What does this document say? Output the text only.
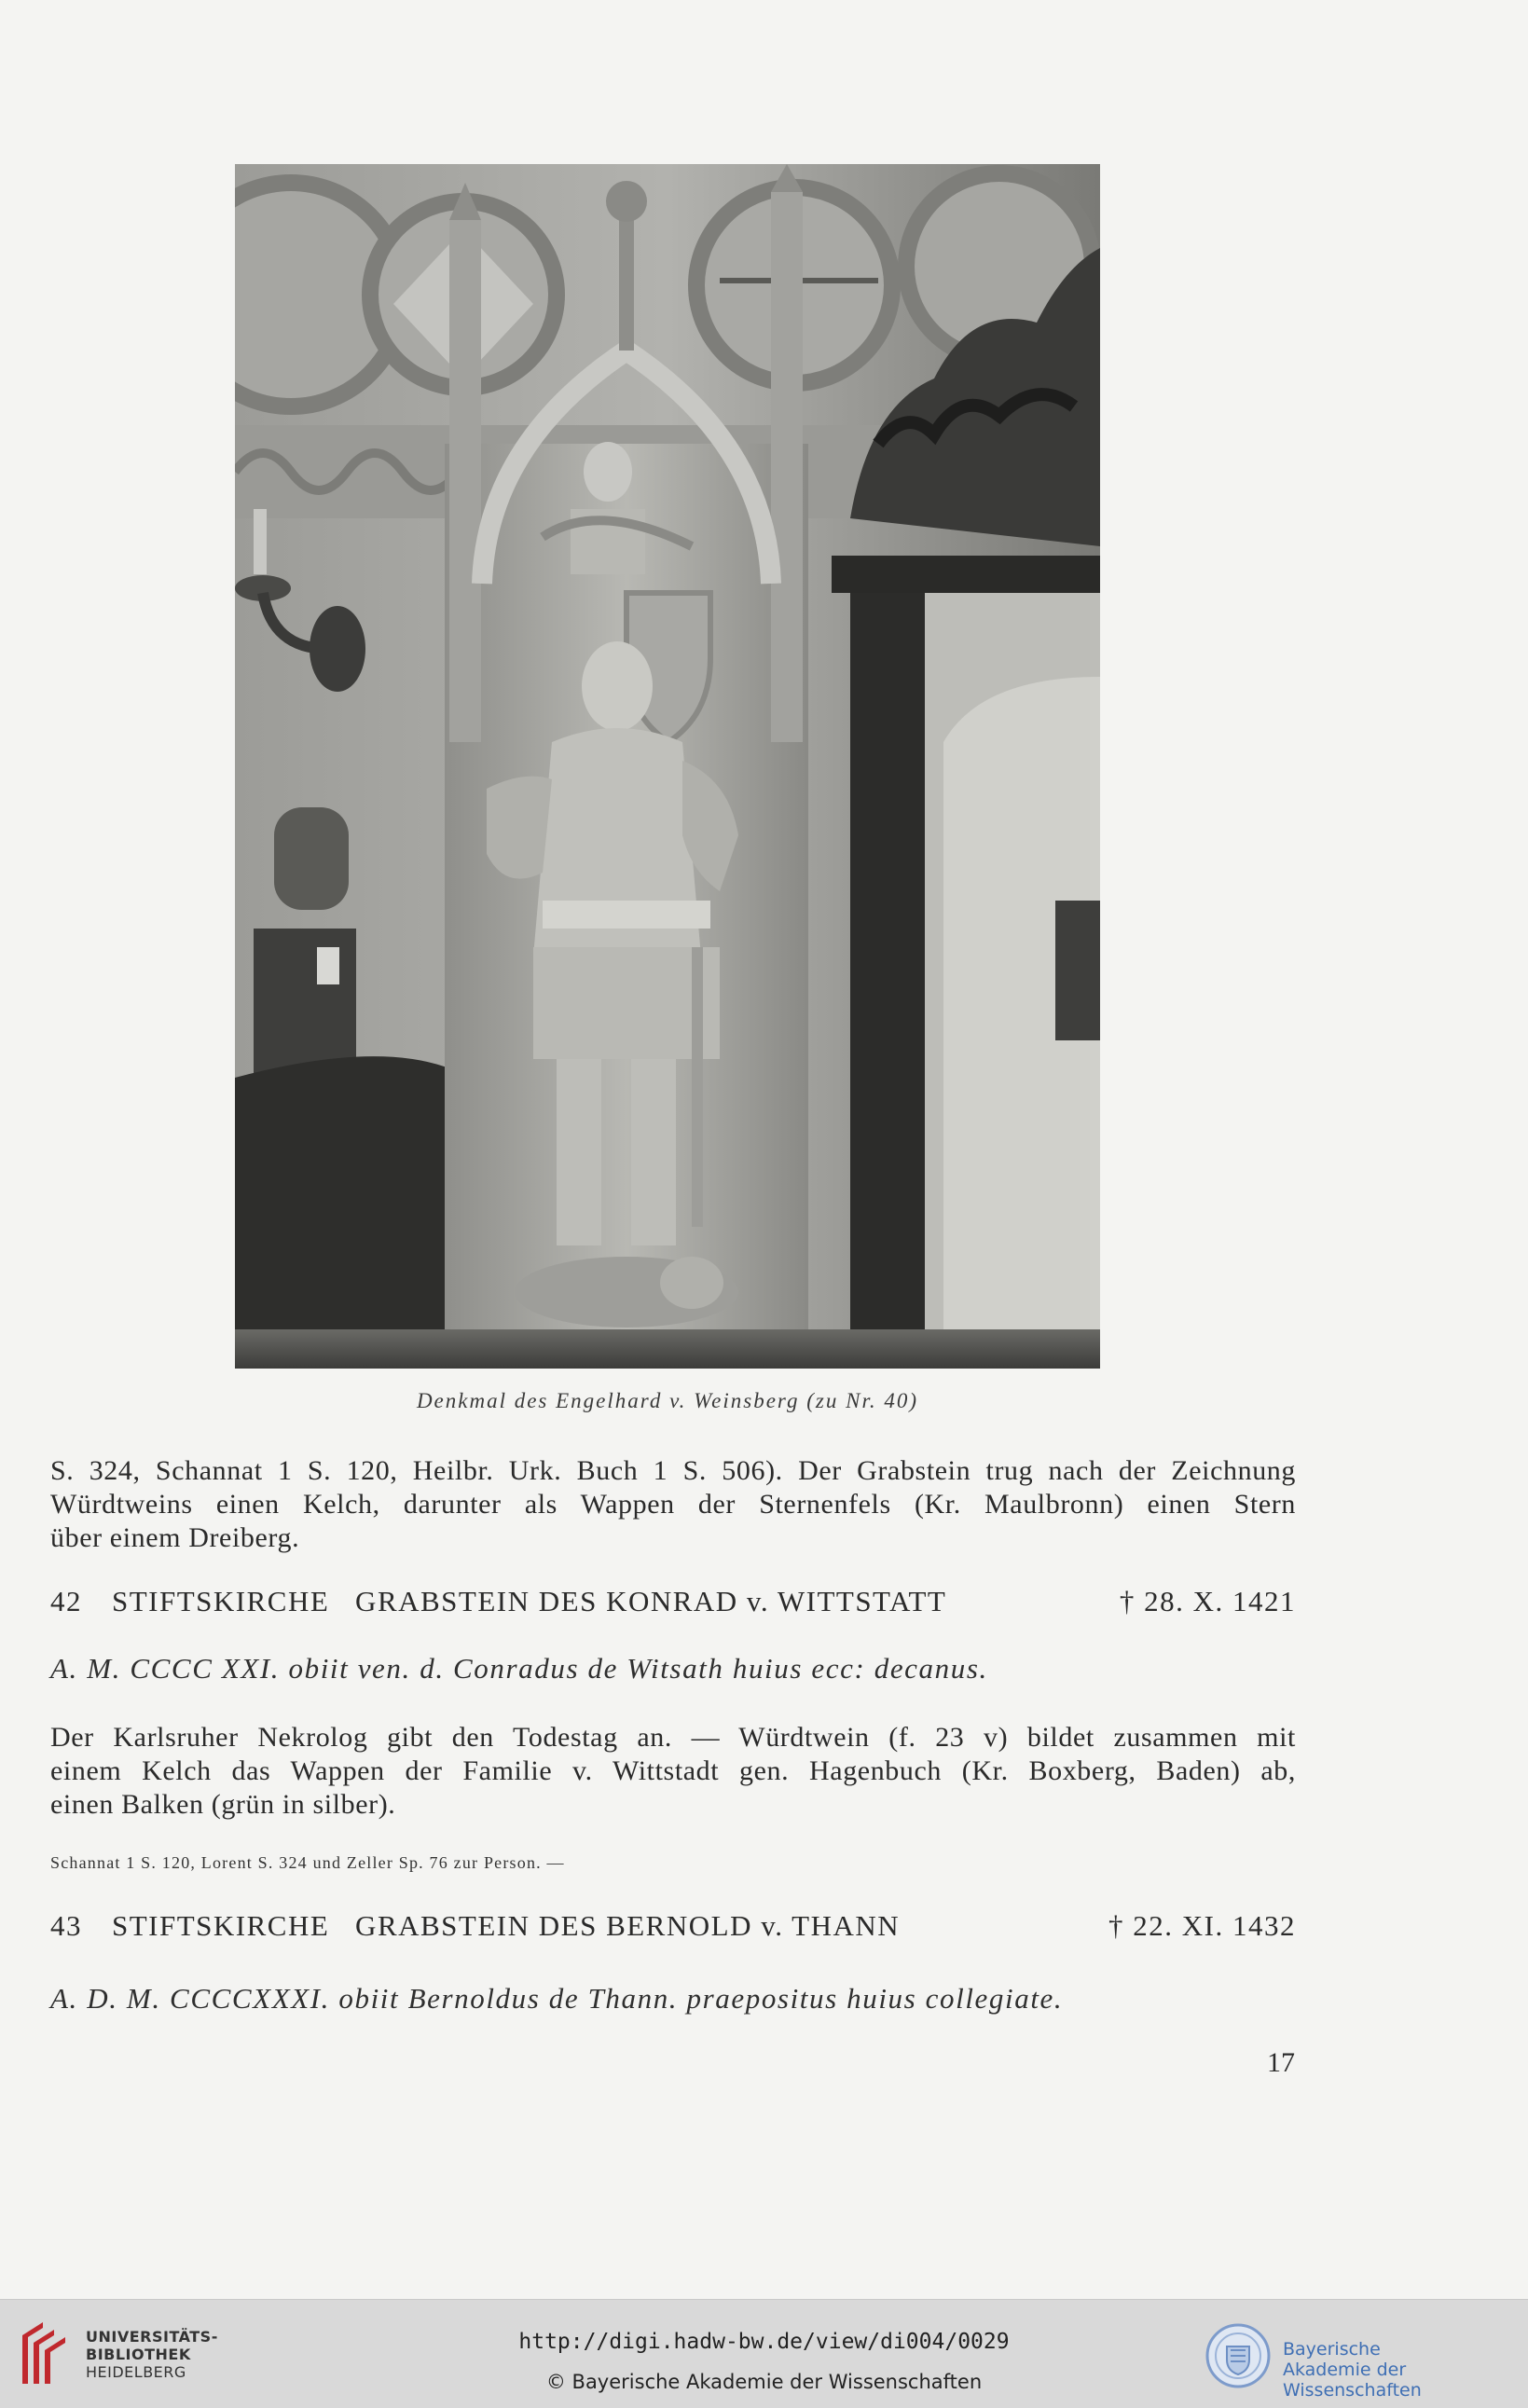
Denkmal des Engelhard v. Weinsberg (zu Nr. 40)
S. 324, Schannat 1 S. 120, Heilbr. Urk. Buch 1 S. 506). Der Grabstein trug nach der Zeichnung
Würdtweins einen Kelch, darunter als Wappen der Sternenfels (Kr. Maulbronn) einen Stern
über einem Dreiberg.
42	STIFTSKIRCHE   GRABSTEIN DES KONRAD v. WITTSTATT	† 28. X. 1421
A. M. CCCC XXI. obiit ven. d. Conradus de Witsath huius ecc: decanus.
Der Karlsruher Nekrolog gibt den Todestag an. — Würdtwein (f. 23 v) bildet zusammen mit
einem Kelch das Wappen der Familie v. Wittstadt gen. Hagenbuch (Kr. Boxberg, Baden) ab,
einen Balken (grün in silber).
Schannat 1 S. 120, Lorent S. 324 und Zeller Sp. 76 zur Person. —
43	STIFTSKIRCHE   GRABSTEIN DES BERNOLD v. THANN	† 22. XI. 1432
A. D. M. CCCCXXXI. obiit Bernoldus de Thann. praepositus huius collegiate.
17
UNIVERSITÄTS-
BIBLIOTHEK
HEIDELBERG
http://digi.hadw-bw.de/view/di004/0029
© Bayerische Akademie der Wissenschaften
Bayerische
Akademie der Wissenschaften
